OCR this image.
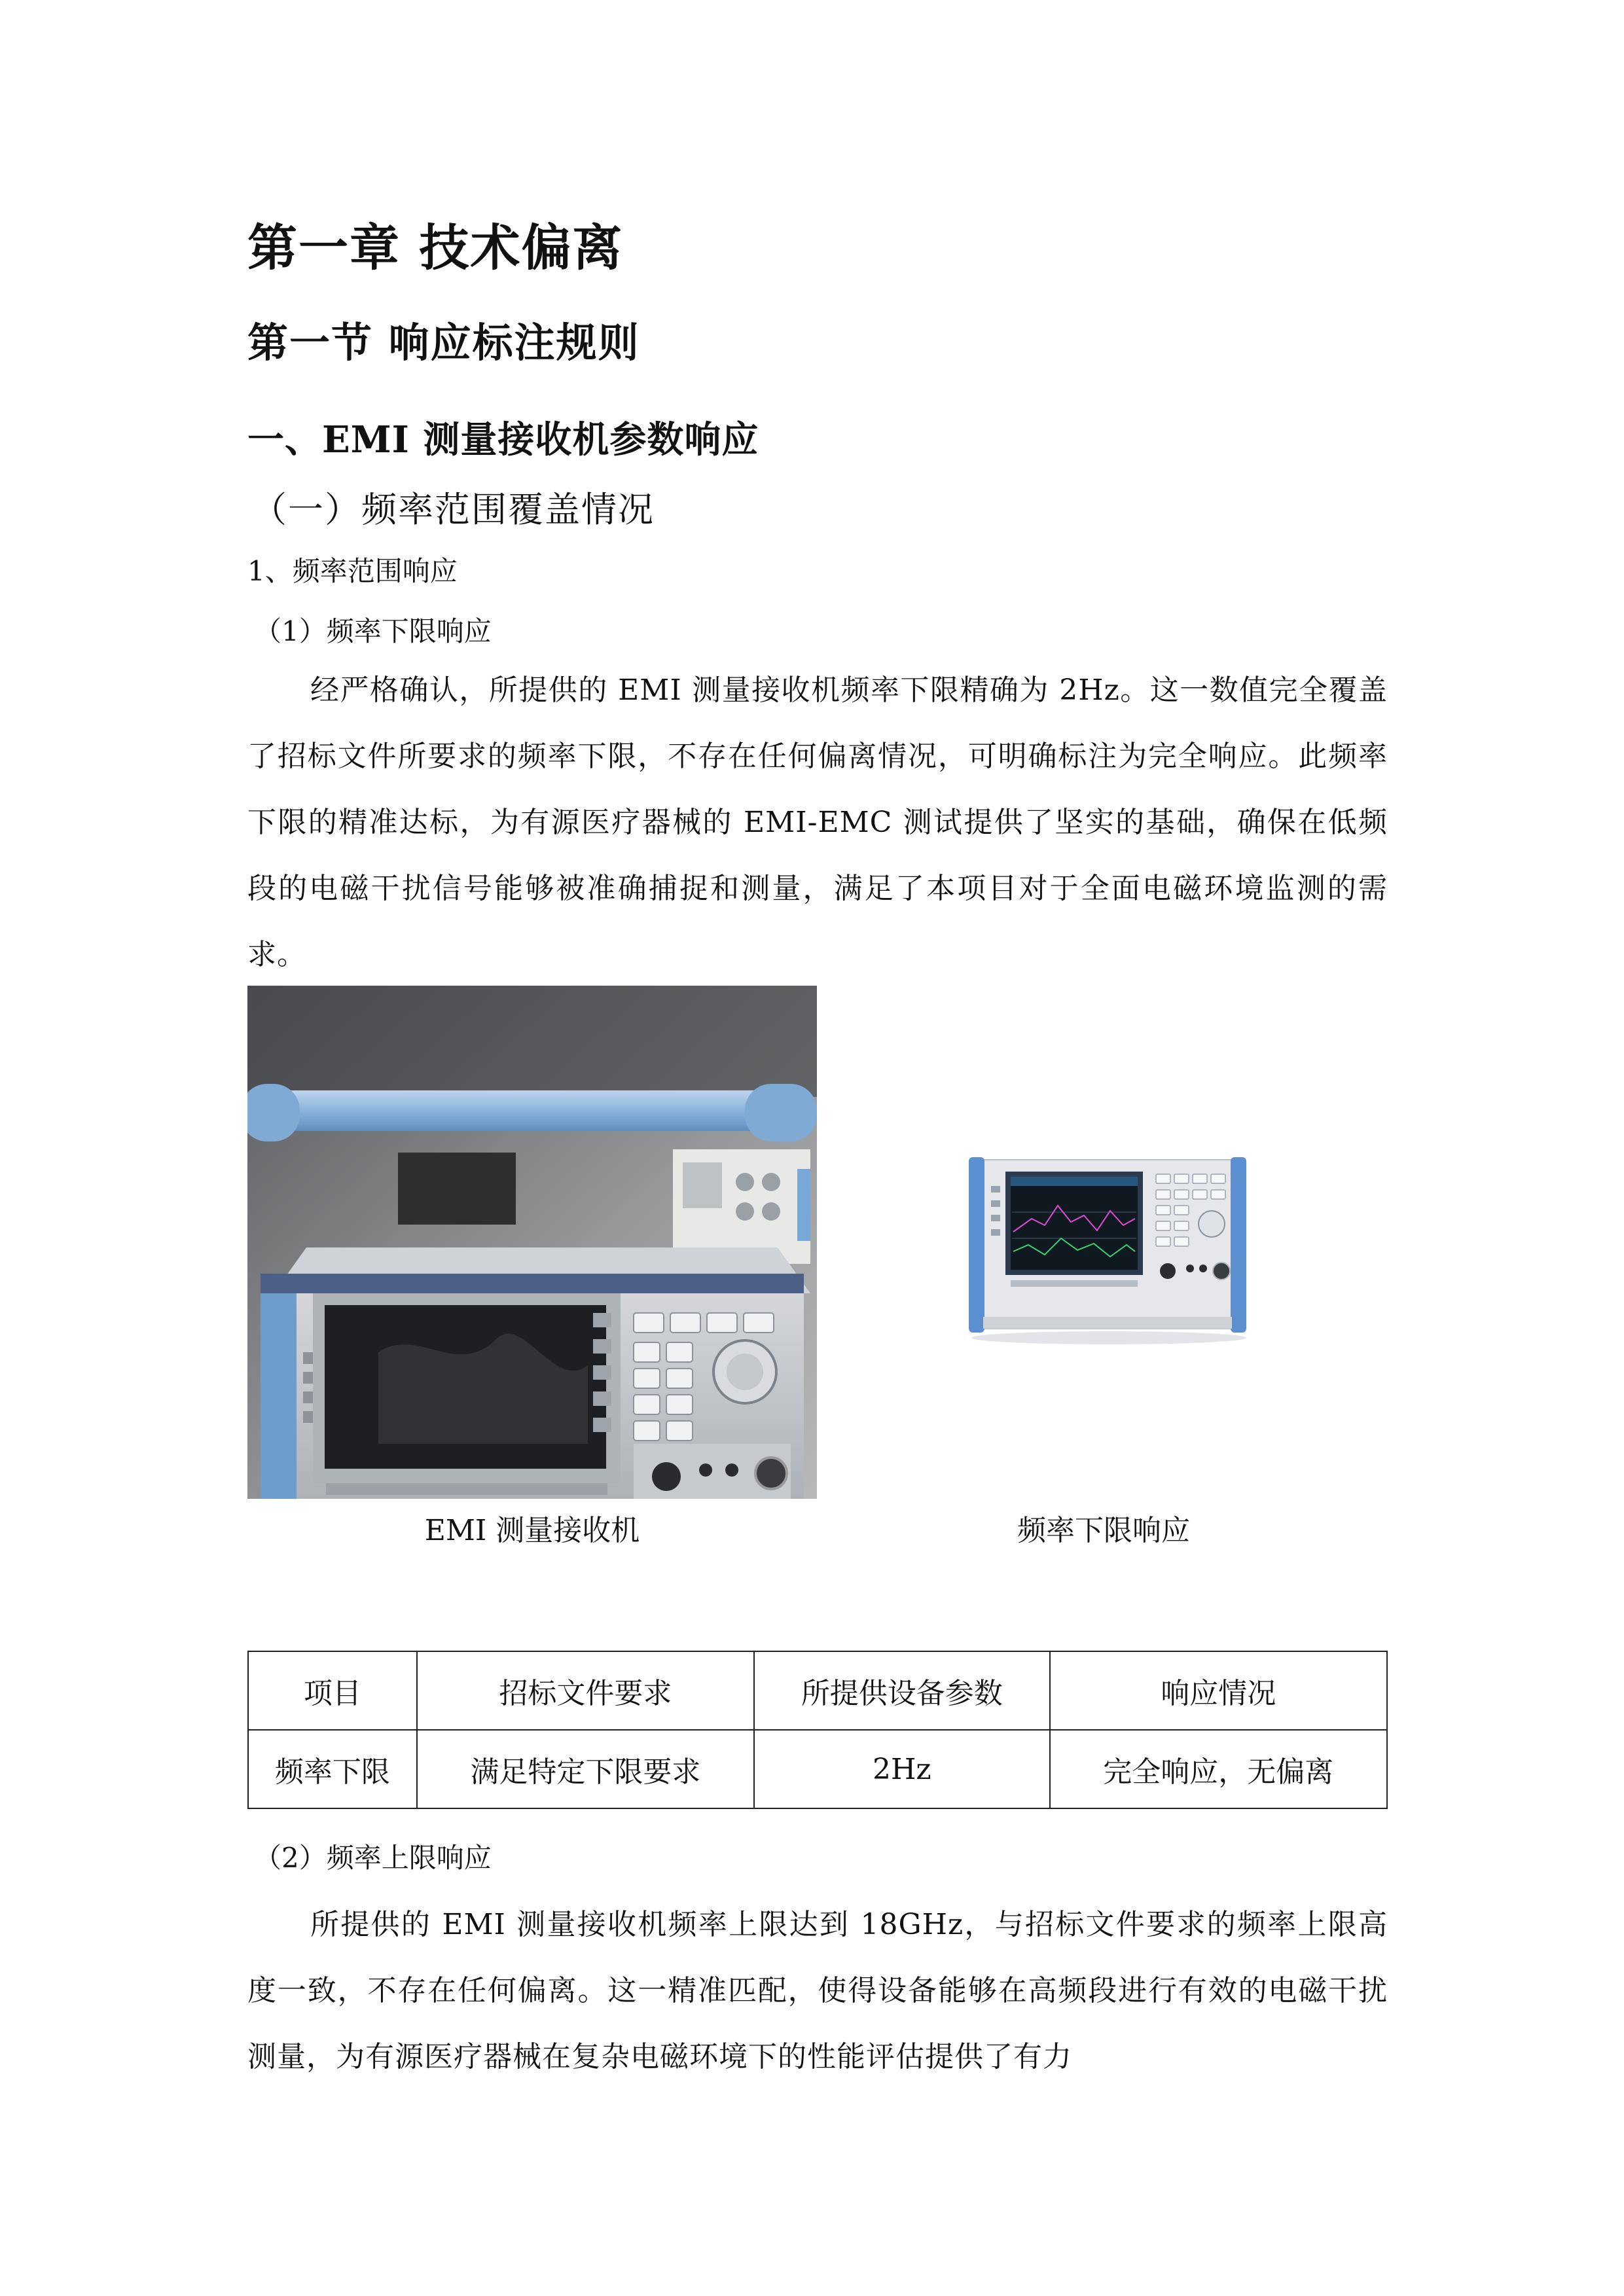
第一章 技术偏离
第一节 响应标注规则
一、EMI 测量接收机参数响应
（一）频率范围覆盖情况
1、频率范围响应
（1）频率下限响应
经严格确认，所提供的 EMI 测量接收机频率下限精确为 2Hz。这一数值完全覆盖了招标文件所要求的频率下限，不存在任何偏离情况，可明确标注为完全响应。此频率下限的精准达标，为有源医疗器械的 EMI-EMC 测试提供了坚实的基础，确保在低频段的电磁干扰信号能够被准确捕捉和测量，满足了本项目对于全面电磁环境监测的需求。
EMI 测量接收机	频率下限响应
项目	招标文件要求	所提供设备参数	响应情况
频率下限	满足特定下限要求	2Hz	完全响应，无偏离
（2）频率上限响应
所提供的 EMI 测量接收机频率上限达到 18GHz，与招标文件要求的频率上限高度一致，不存在任何偏离。这一精准匹配，使得设备能够在高频段进行有效的电磁干扰测量，为有源医疗器械在复杂电磁环境下的性能评估提供了有力
